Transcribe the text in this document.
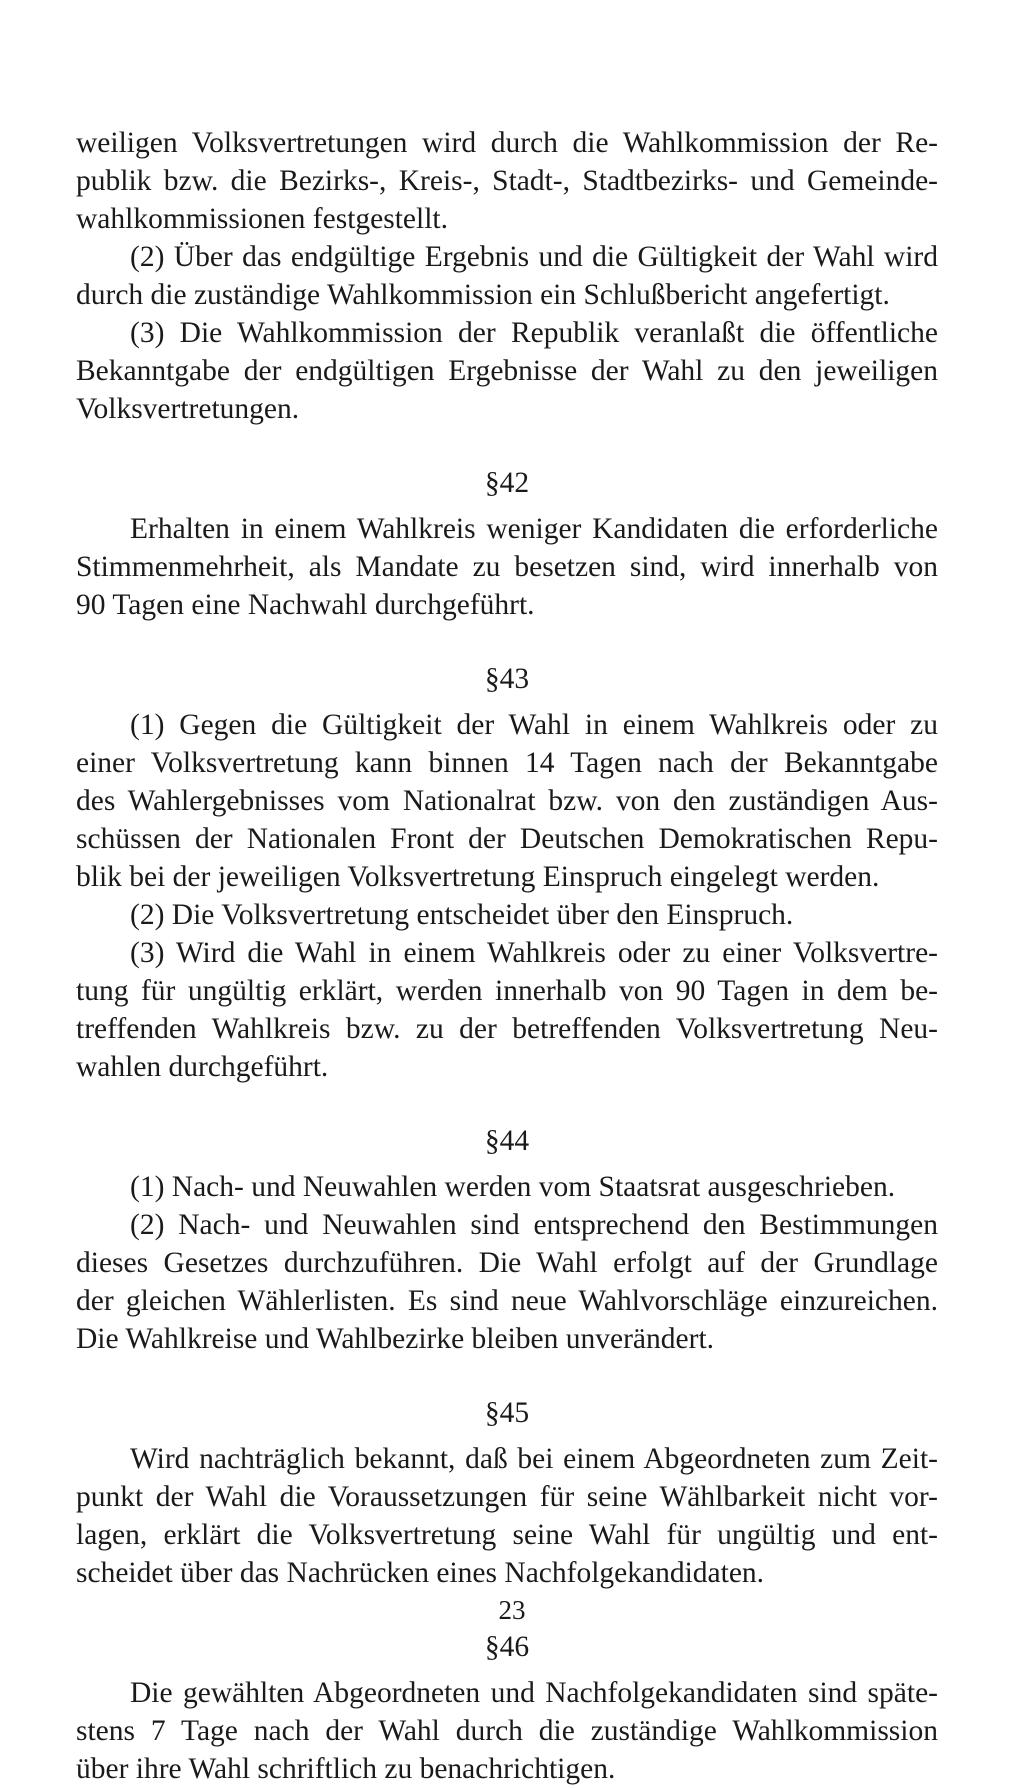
weiligen Volksvertretungen wird durch die Wahlkommission der Re-
publik bzw. die Bezirks-, Kreis-, Stadt-, Stadtbezirks- und Gemeinde-
wahlkommissionen festgestellt.
(2) Über das endgültige Ergebnis und die Gültigkeit der Wahl wird
durch die zuständige Wahlkommission ein Schlußbericht angefertigt.
(3) Die Wahlkommission der Republik veranlaßt die öffentliche
Bekanntgabe der endgültigen Ergebnisse der Wahl zu den jeweiligen
Volksvertretungen.
§42
Erhalten in einem Wahlkreis weniger Kandidaten die erforderliche
Stimmenmehrheit, als Mandate zu besetzen sind, wird innerhalb von
90 Tagen eine Nachwahl durchgeführt.
§43
(1) Gegen die Gültigkeit der Wahl in einem Wahlkreis oder zu
einer Volksvertretung kann binnen 14 Tagen nach der Bekanntgabe
des Wahlergebnisses vom Nationalrat bzw. von den zuständigen Aus-
schüssen der Nationalen Front der Deutschen Demokratischen Repu-
blik bei der jeweiligen Volksvertretung Einspruch eingelegt werden.
(2) Die Volksvertretung entscheidet über den Einspruch.
(3) Wird die Wahl in einem Wahlkreis oder zu einer Volksvertre-
tung für ungültig erklärt, werden innerhalb von 90 Tagen in dem be-
treffenden Wahlkreis bzw. zu der betreffenden Volksvertretung Neu-
wahlen durchgeführt.
§44
(1) Nach- und Neuwahlen werden vom Staatsrat ausgeschrieben.
(2) Nach- und Neuwahlen sind entsprechend den Bestimmungen
dieses Gesetzes durchzuführen. Die Wahl erfolgt auf der Grundlage
der gleichen Wählerlisten. Es sind neue Wahlvorschläge einzureichen.
Die Wahlkreise und Wahlbezirke bleiben unverändert.
§45
Wird nachträglich bekannt, daß bei einem Abgeordneten zum Zeit-
punkt der Wahl die Voraussetzungen für seine Wählbarkeit nicht vor-
lagen, erklärt die Volksvertretung seine Wahl für ungültig und ent-
scheidet über das Nachrücken eines Nachfolgekandidaten.
§46
Die gewählten Abgeordneten und Nachfolgekandidaten sind späte-
stens 7 Tage nach der Wahl durch die zuständige Wahlkommission
über ihre Wahl schriftlich zu benachrichtigen.
23
